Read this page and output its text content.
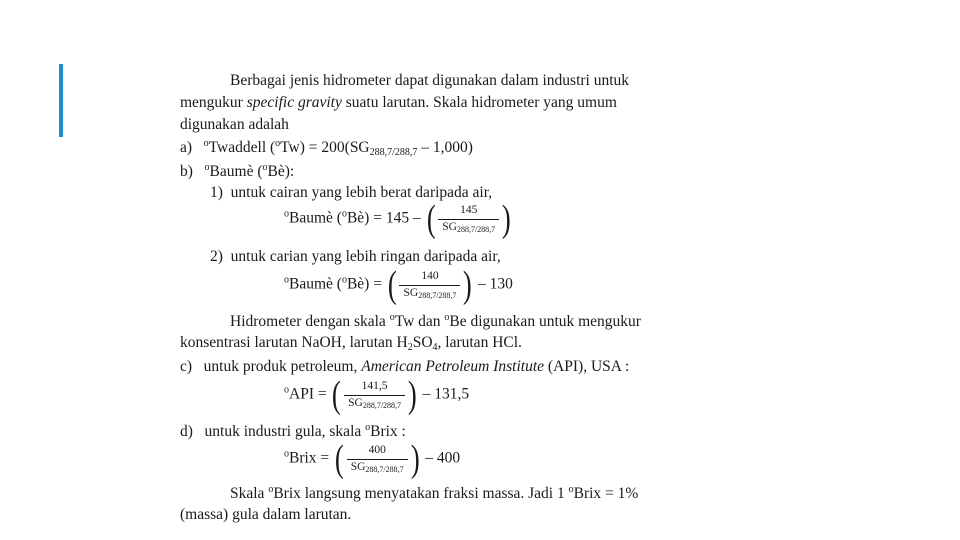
Berbagai jenis hidrometer dapat digunakan dalam industri untuk
mengukur specific gravity suatu larutan. Skala hidrometer yang umum
digunakan adalah
a) $^o$Twaddell $(^oTw) = 200(SG_{288,7/288,7} - 1,000)$
b) $^o$Baumè ($^o$Bè):
1) untuk cairan yang lebih berat daripada air,
$^o$Baumè ($^o$Bè) = 145 – ( $\frac{145}{SG288,7/288,7}$ )
2) untuk carian yang lebih ringan daripada air,
$^o$Baumè ($^o$Bè) = ( $\frac{140}{SG288,7/288,7}$ ) – 130
Hidrometer dengan skala $^o$Tw dan $^o$Be digunakan untuk mengukur
konsentrasi larutan NaOH, larutan $H_2SO_4$, larutan HCl.
c) untuk produk petroleum, American Petroleum Institute (API), USA :
$^o$API = ( $\frac{141,5}{SG288,7/288,7}$ ) – 131,5
d) untuk industri gula, skala $^o$Brix :
$^o$Brix = ( $\frac{400}{SG288,7/288,7}$ ) – 400
Skala $^o$Brix langsung menyatakan fraksi massa. Jadi 1 $^o$Brix = 1%
(massa) gula dalam larutan.
